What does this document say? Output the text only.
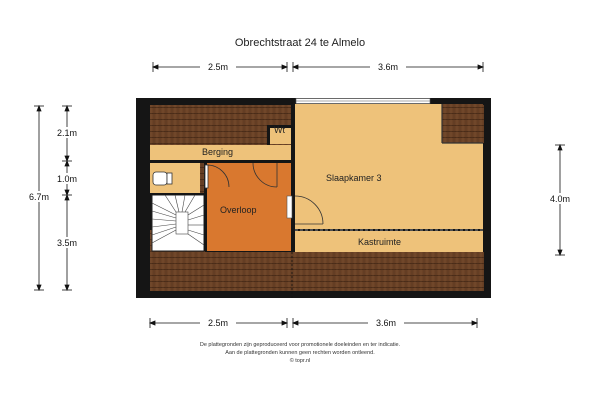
Obrechtstraat 24 te Almelo
Wt
Berging
Slaapkamer 3
Overloop
Kastruimte
2.5m	3.6m
2.5m	3.6m
6.7m
2.1m
1.0m
3.5m
4.0m
De plattegronden zijn geproduceerd voor promotionele doeleinden en ter indicatie.
Aan de plattegronden kunnen geen rechten worden ontleend.
© topr.nl
